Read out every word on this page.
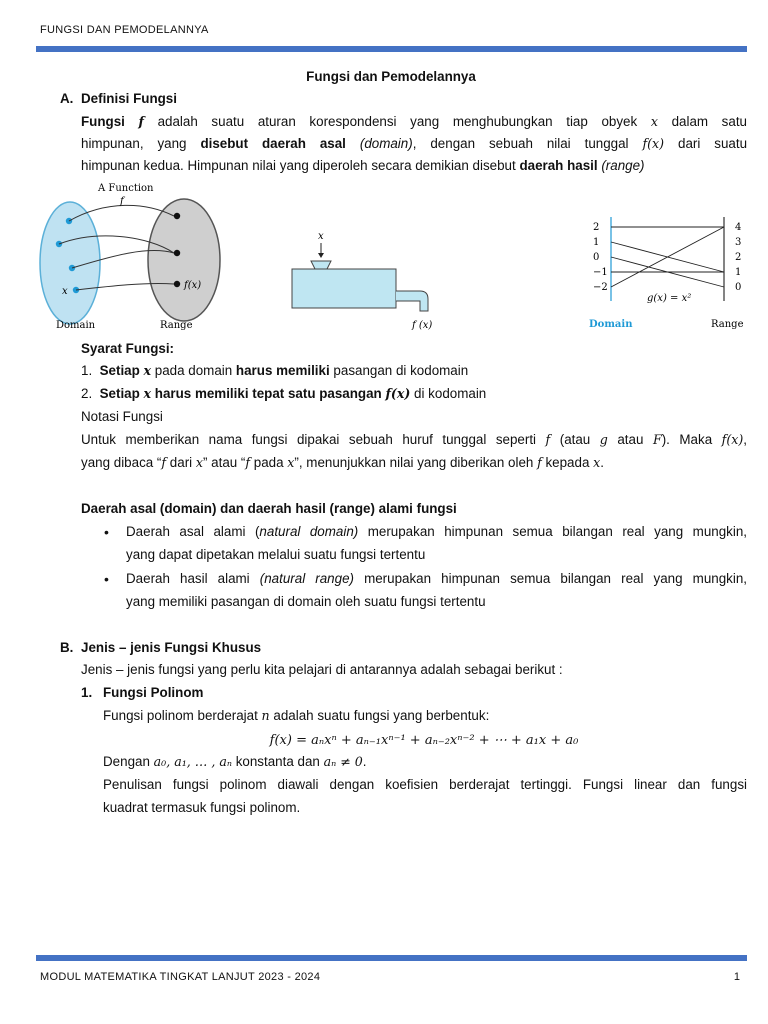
FUNGSI DAN PEMODELANNYA
Fungsi dan Pemodelannya
A. Definisi Fungsi
Fungsi f adalah suatu aturan korespondensi yang menghubungkan tiap obyek x dalam satu
himpunan, yang disebut daerah asal (domain), dengan sebuah nilai tunggal f(x) dari suatu
himpunan kedua. Himpunan nilai yang diperoleh secara demikian disebut daerah hasil (range)
A Function
f
f(x)
x
Domain	Range
x
f (x)
2
1
0
−1
−2
4
3
2
1
0
g(x) = x²
Domain	Range
Syarat Fungsi:
1. Setiap x pada domain harus memiliki pasangan di kodomain
2. Setiap x harus memiliki tepat satu pasangan f(x) di kodomain
Notasi Fungsi
Untuk memberikan nama fungsi dipakai sebuah huruf tunggal seperti f (atau g atau F). Maka f(x),
yang dibaca “f dari x” atau “f pada x”, menunjukkan nilai yang diberikan oleh f kepada x.
Daerah asal (domain) dan daerah hasil (range) alami fungsi
• Daerah asal alami (natural domain) merupakan himpunan semua bilangan real yang mungkin,
yang dapat dipetakan melalui suatu fungsi tertentu
• Daerah hasil alami (natural range) merupakan himpunan semua bilangan real yang mungkin,
yang memiliki pasangan di domain oleh suatu fungsi tertentu
B. Jenis – jenis Fungsi Khusus
Jenis – jenis fungsi yang perlu kita pelajari di antarannya adalah sebagai berikut :
1. Fungsi Polinom
Fungsi polinom berderajat n adalah suatu fungsi yang berbentuk:
f(x) = aₙxⁿ + aₙ₋₁xⁿ⁻¹ + aₙ₋₂xⁿ⁻² + ⋯ + a₁x + a₀
Dengan a₀, a₁, … , aₙ konstanta dan aₙ ≠ 0.
Penulisan fungsi polinom diawali dengan koefisien berderajat tertinggi. Fungsi linear dan fungsi
kuadrat termasuk fungsi polinom.
MODUL MATEMATIKA TINGKAT LANJUT 2023 - 2024	1
